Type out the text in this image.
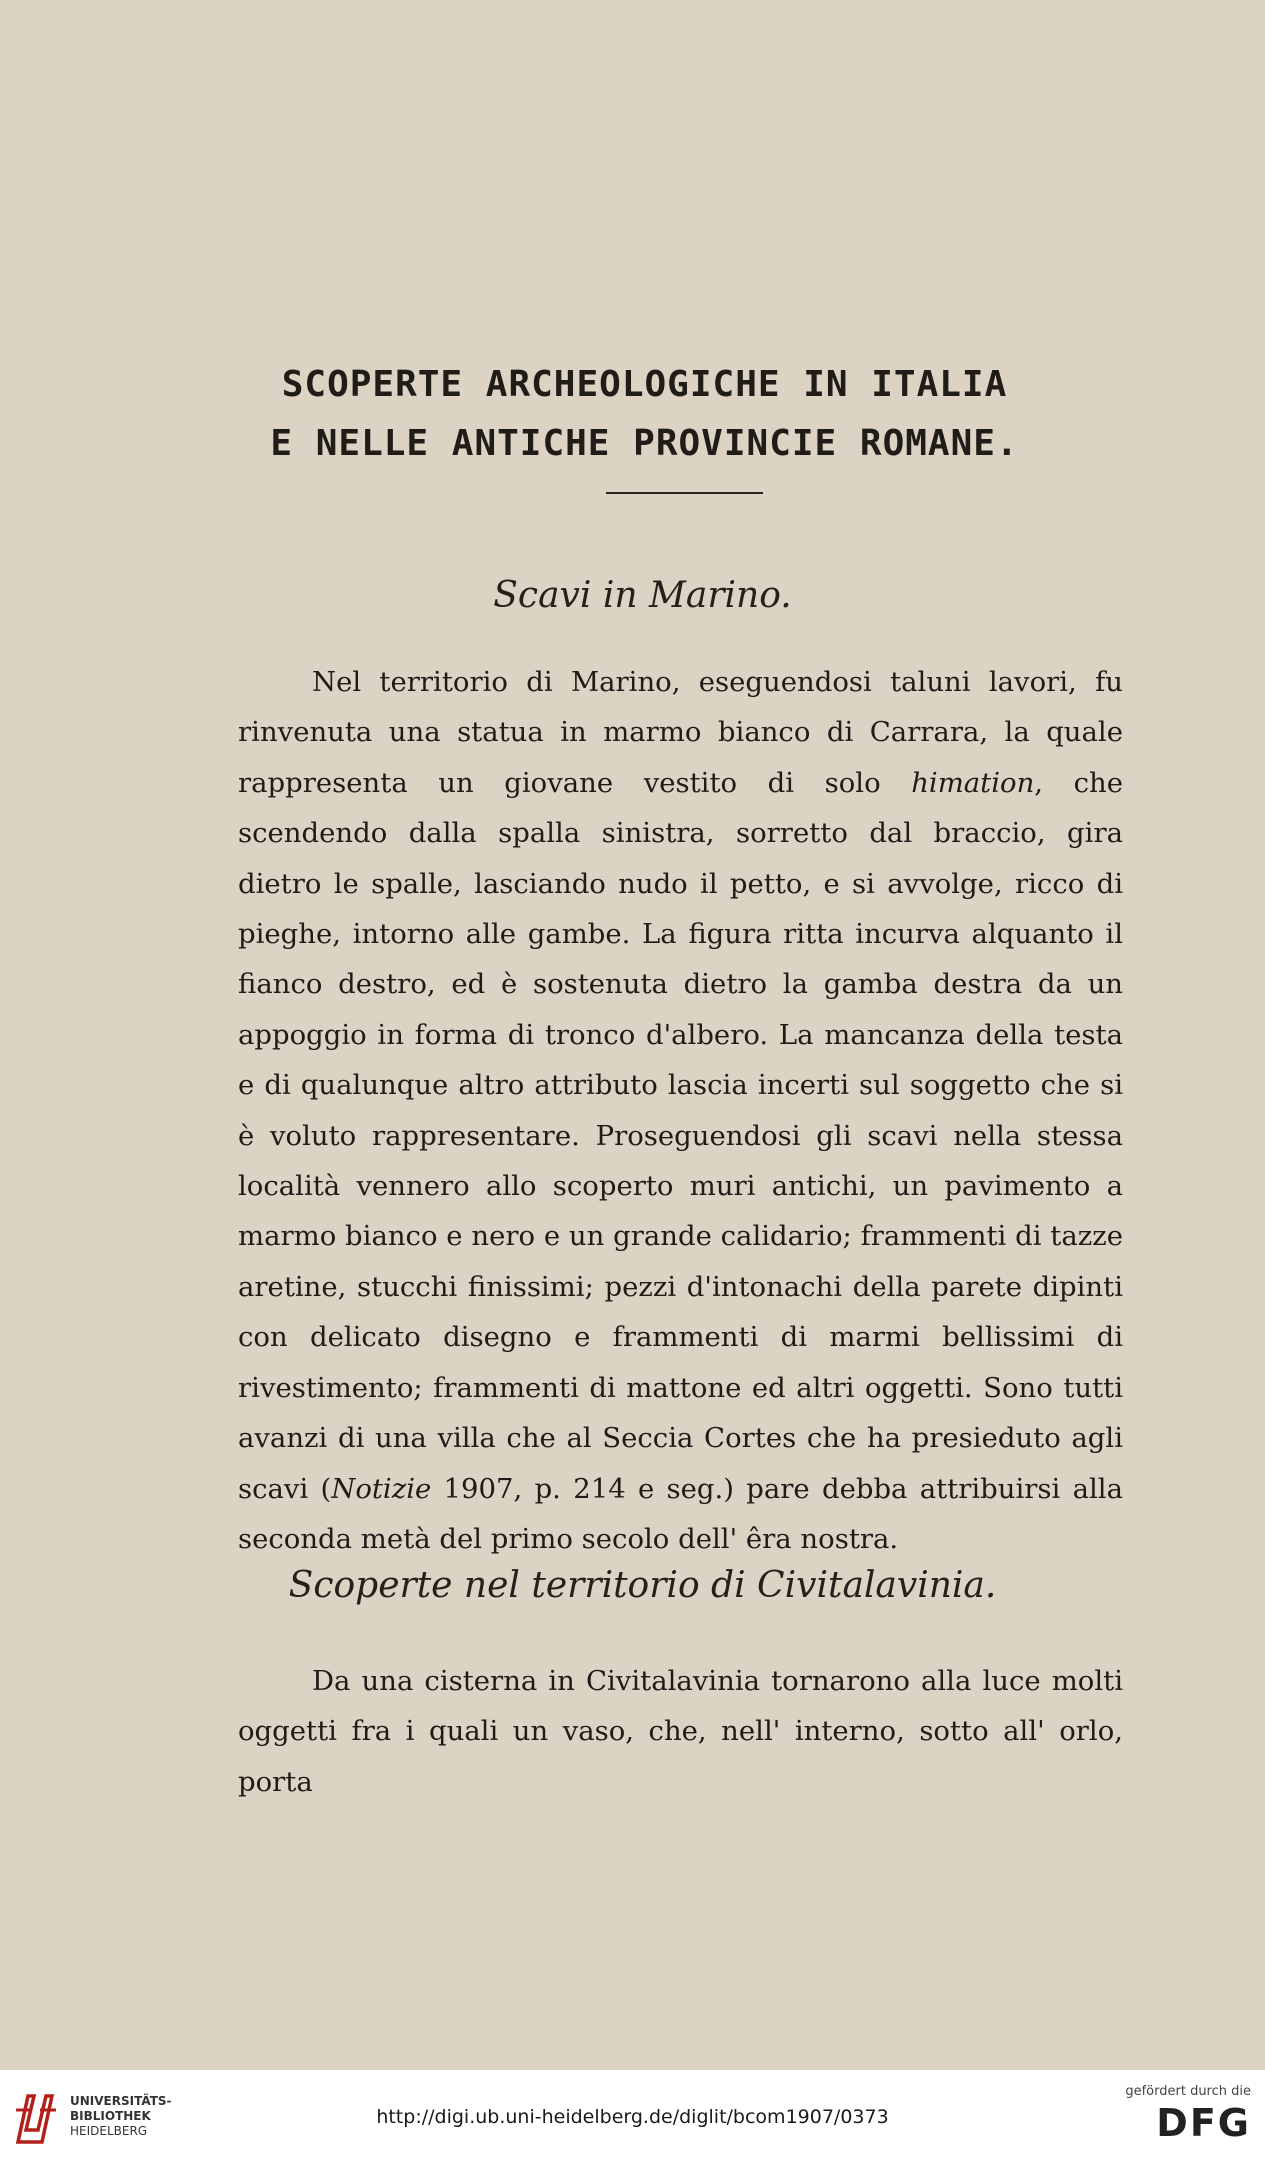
SCOPERTE ARCHEOLOGICHE IN ITALIA
E NELLE ANTICHE PROVINCIE ROMANE.
Scavi in Marino.

Nel territorio di Marino, eseguendosi taluni lavori, fu rinvenuta una statua in marmo bianco di Carrara, la quale rappresenta un giovane vestito di solo himation, che scendendo dalla spalla sinistra, sorretto dal braccio, gira dietro le spalle, lasciando nudo il petto, e si avvolge, ricco di pieghe, intorno alle gambe. La figura ritta incurva alquanto il fianco destro, ed è sostenuta dietro la gamba destra da un appoggio in forma di tronco d'albero. La mancanza della testa e di qualunque altro attributo lascia incerti sul soggetto che si è voluto rappresentare. Proseguendosi gli scavi nella stessa località vennero allo scoperto muri antichi, un pavimento a marmo bianco e nero e un grande calidario; frammenti di tazze aretine, stucchi finissimi; pezzi d'intonachi della parete dipinti con delicato disegno e frammenti di marmi bellissimi di rivestimento; frammenti di mattone ed altri oggetti. Sono tutti avanzi di una villa che al Seccia Cortes che ha presieduto agli scavi (Notizie 1907, p. 214 e seg.) pare debba attribuirsi alla seconda metà del primo secolo dell' êra nostra.

Scoperte nel territorio di Civitalavinia.

Da una cisterna in Civitalavinia tornarono alla luce molti oggetti fra i quali un vaso, che, nell' interno, sotto all' orlo, porta

UNIVERSITÄTS-
BIBLIOTHEK
HEIDELBERG
http://digi.ub.uni-heidelberg.de/diglit/bcom1907/0373
gefördert durch die
DFG
